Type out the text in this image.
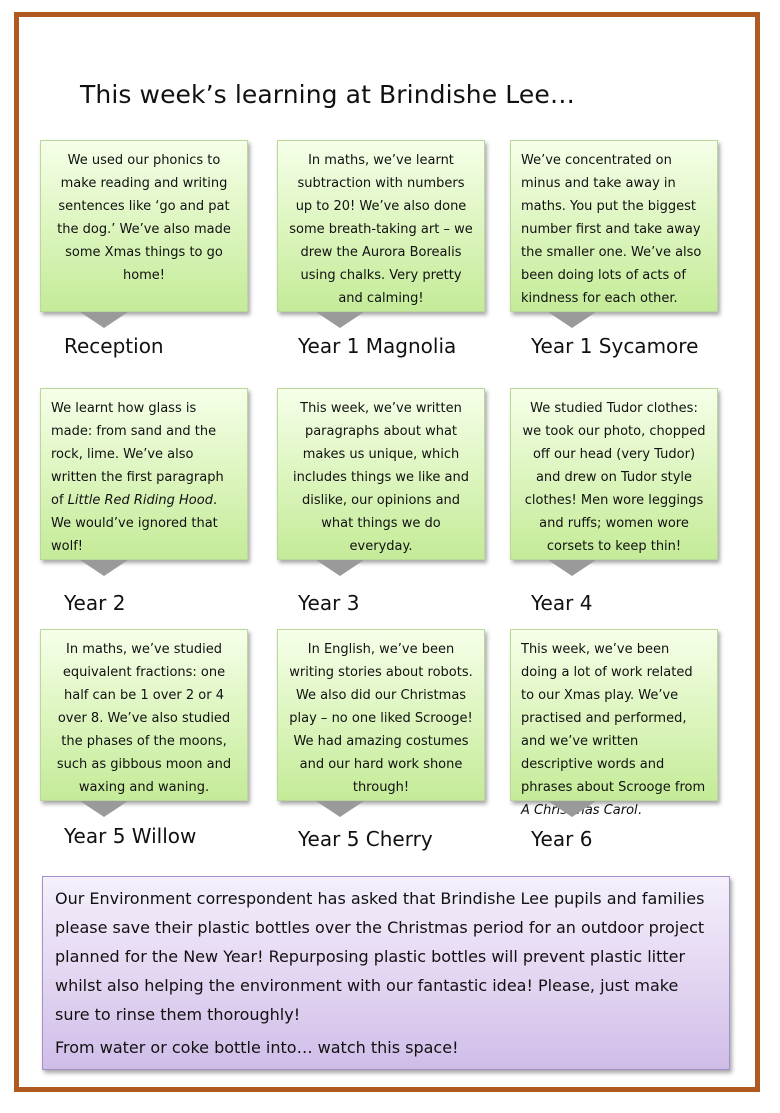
This week’s learning at Brindishe Lee…
We used our phonics to make reading and writing sentences like ‘go and pat the dog.’ We’ve also made some Xmas things to go home!
Reception
In maths, we’ve learnt subtraction with numbers up to 20! We’ve also done some breath-taking art – we drew the Aurora Borealis using chalks. Very pretty and calming!
Year 1 Magnolia
We’ve concentrated on minus and take away in maths. You put the biggest number first and take away the smaller one. We’ve also been doing lots of acts of kindness for each other.
Year 1 Sycamore
We learnt how glass is made: from sand and the rock, lime. We’ve also written the first paragraph of Little Red Riding Hood. We would’ve ignored that wolf!
Year 2
This week, we’ve written paragraphs about what makes us unique, which includes things we like and dislike, our opinions and what things we do everyday.
Year 3
We studied Tudor clothes: we took our photo, chopped off our head (very Tudor) and drew on Tudor style clothes! Men wore leggings and ruffs; women wore corsets to keep thin!
Year 4
In maths, we’ve studied equivalent fractions: one half can be 1 over 2 or 4 over 8. We’ve also studied the phases of the moons, such as gibbous moon and waxing and waning.
Year 5 Willow
In English, we’ve been writing stories about robots. We also did our Christmas play – no one liked Scrooge! We had amazing costumes and our hard work shone through!
Year 5 Cherry
This week, we’ve been doing a lot of work related to our Xmas play. We’ve practised and performed, and we’ve written descriptive words and phrases about Scrooge from A Christmas Carol.
Year 6

Our Environment correspondent has asked that Brindishe Lee pupils and families please save their plastic bottles over the Christmas period for an outdoor project planned for the New Year! Repurposing plastic bottles will prevent plastic litter whilst also helping the environment with our fantastic idea! Please, just make sure to rinse them thoroughly!

From water or coke bottle into… watch this space!
